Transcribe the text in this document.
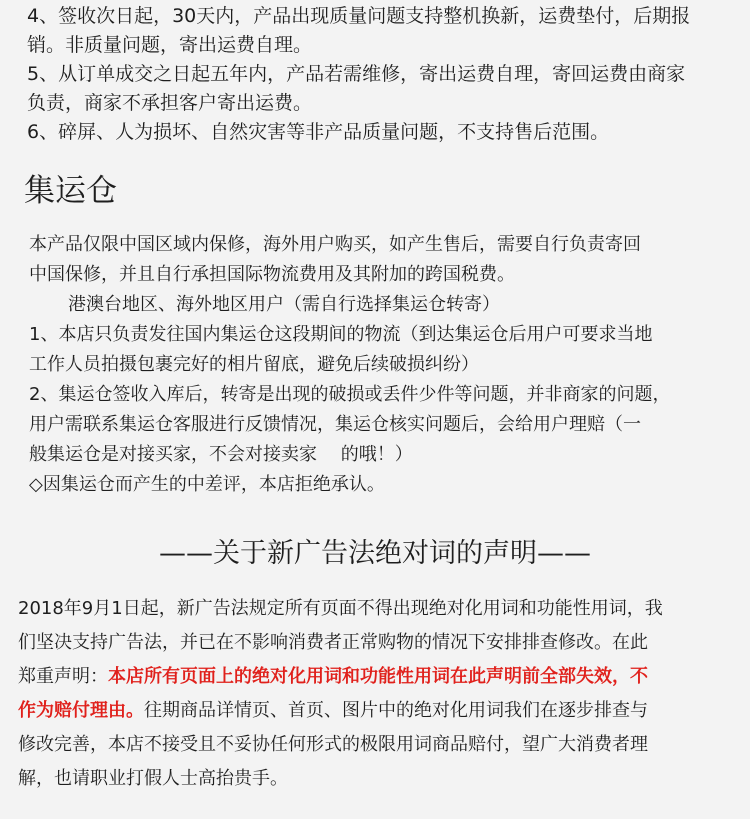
4、签收次日起，30天内，产品出现质量问题支持整机换新，运费垫付，后期报

销。非质量问题，寄出运费自理。

5、从订单成交之日起五年内，产品若需维修，寄出运费自理，寄回运费由商家

负责，商家不承担客户寄出运费。

6、碎屏、人为损坏、自然灾害等非产品质量问题，不支持售后范围。

集运仓

本产品仅限中国区域内保修，海外用户购买，如产生售后，需要自行负责寄回

中国保修，并且自行承担国际物流费用及其附加的跨国税费。

港澳台地区、海外地区用户（需自行选择集运仓转寄）

1、本店只负责发往国内集运仓这段期间的物流（到达集运仓后用户可要求当地

工作人员拍摄包裹完好的相片留底，避免后续破损纠纷）

2、集运仓签收入库后，转寄是出现的破损或丢件少件等问题，并非商家的问题，

用户需联系集运仓客服进行反馈情况，集运仓核实问题后，会给用户理赔（一

般集运仓是对接买家，不会对接卖家　 的哦！）

◇因集运仓而产生的中差评，本店拒绝承认。

——关于新广告法绝对词的声明——

2018年9月1日起，新广告法规定所有页面不得出现绝对化用词和功能性用词，我

们坚决支持广告法，并已在不影响消费者正常购物的情况下安排排查修改。在此

郑重声明：本店所有页面上的绝对化用词和功能性用词在此声明前全部失效，不

作为赔付理由。往期商品详情页、首页、图片中的绝对化用词我们在逐步排查与

修改完善，本店不接受且不妥协任何形式的极限用词商品赔付，望广大消费者理

解，也请职业打假人士高抬贵手。
